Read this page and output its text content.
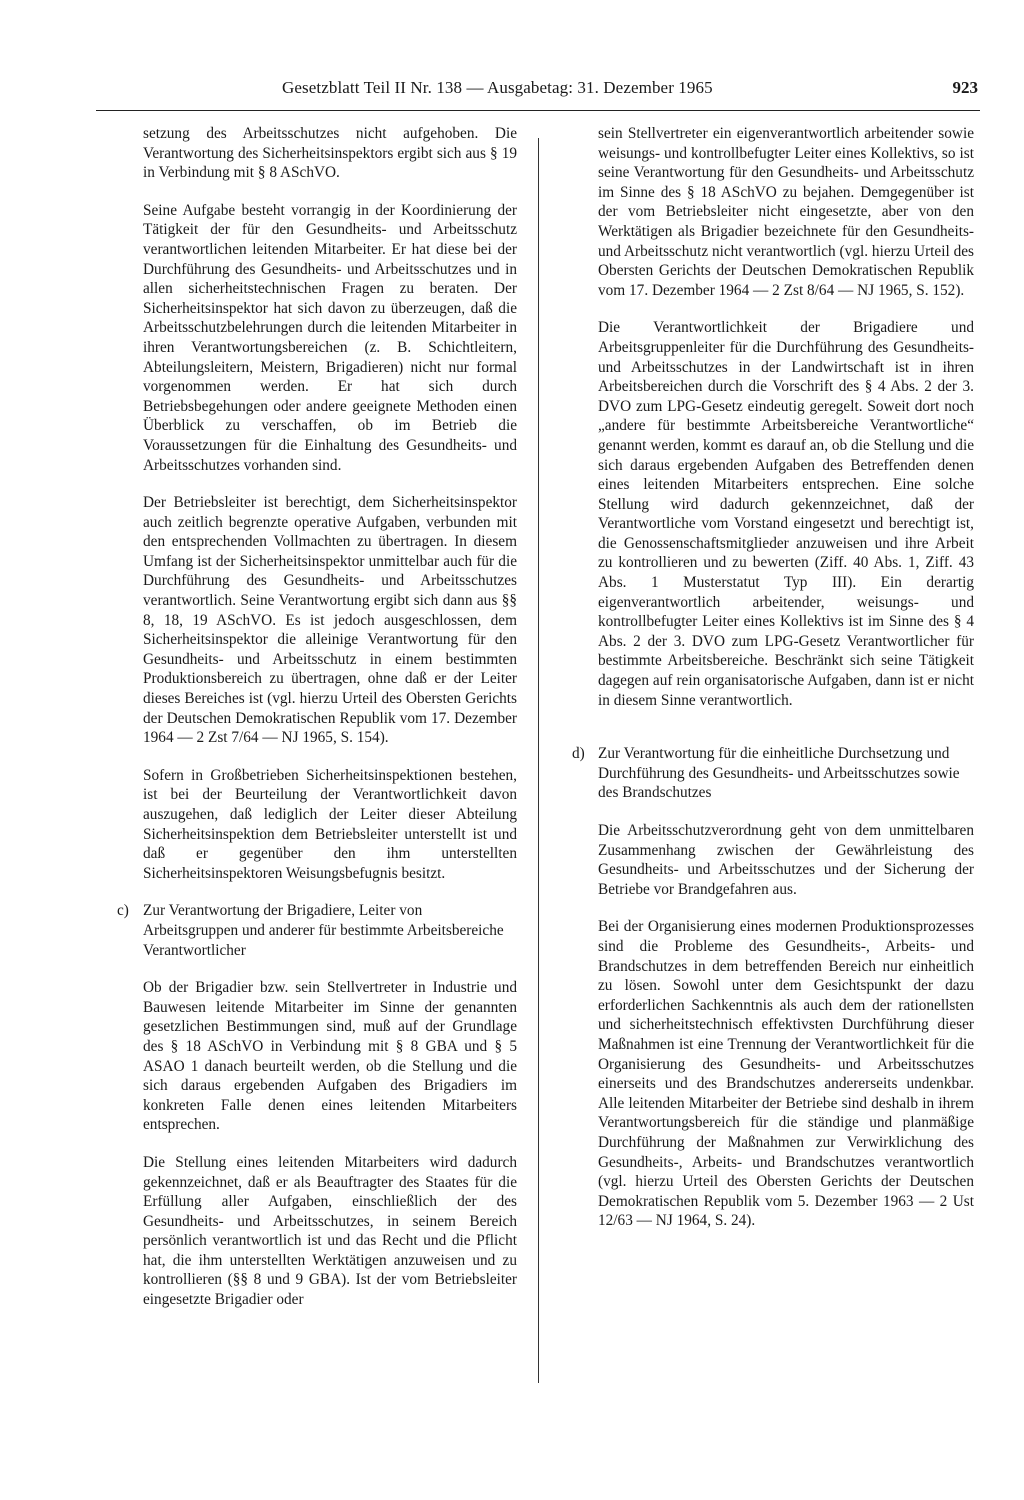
Gesetzblatt Teil II Nr. 138 — Ausgabetag: 31. Dezember 1965	923

setzung des Arbeitsschutzes nicht aufgehoben. Die Verantwortung des Sicherheitsinspektors ergibt sich aus § 19 in Verbindung mit § 8 ASchVO.

Seine Aufgabe besteht vorrangig in der Koordinierung der Tätigkeit der für den Gesundheits- und Arbeitsschutz verantwortlichen leitenden Mitarbeiter. Er hat diese bei der Durchführung des Gesundheits- und Arbeitsschutzes und in allen sicherheitstechnischen Fragen zu beraten. Der Sicherheitsinspektor hat sich davon zu überzeugen, daß die Arbeitsschutzbelehrungen durch die leitenden Mitarbeiter in ihren Verantwortungsbereichen (z. B. Schichtleitern, Abteilungsleitern, Meistern, Brigadieren) nicht nur formal vorgenommen werden. Er hat sich durch Betriebsbegehungen oder andere geeignete Methoden einen Überblick zu verschaffen, ob im Betrieb die Voraussetzungen für die Einhaltung des Gesundheits- und Arbeitsschutzes vorhanden sind.

Der Betriebsleiter ist berechtigt, dem Sicherheitsinspektor auch zeitlich begrenzte operative Aufgaben, verbunden mit den entsprechenden Vollmachten zu übertragen. In diesem Umfang ist der Sicherheitsinspektor unmittelbar auch für die Durchführung des Gesundheits- und Arbeitsschutzes verantwortlich. Seine Verantwortung ergibt sich dann aus §§ 8, 18, 19 ASchVO. Es ist jedoch ausgeschlossen, dem Sicherheitsinspektor die alleinige Verantwortung für den Gesundheits- und Arbeitsschutz in einem bestimmten Produktionsbereich zu übertragen, ohne daß er der Leiter dieses Bereiches ist (vgl. hierzu Urteil des Obersten Gerichts der Deutschen Demokratischen Republik vom 17. Dezember 1964 — 2 Zst 7/64 — NJ 1965, S. 154).

Sofern in Großbetrieben Sicherheitsinspektionen bestehen, ist bei der Beurteilung der Verantwortlichkeit davon auszugehen, daß lediglich der Leiter dieser Abteilung Sicherheitsinspektion dem Betriebsleiter unterstellt ist und daß er gegenüber den ihm unterstellten Sicherheitsinspektoren Weisungsbefugnis besitzt.

c) Zur Verantwortung der Brigadiere, Leiter von Arbeitsgruppen und anderer für bestimmte Arbeitsbereiche Verantwortlicher

Ob der Brigadier bzw. sein Stellvertreter in Industrie und Bauwesen leitende Mitarbeiter im Sinne der genannten gesetzlichen Bestimmungen sind, muß auf der Grundlage des § 18 ASchVO in Verbindung mit § 8 GBA und § 5 ASAO 1 danach beurteilt werden, ob die Stellung und die sich daraus ergebenden Aufgaben des Brigadiers im konkreten Falle denen eines leitenden Mitarbeiters entsprechen.

Die Stellung eines leitenden Mitarbeiters wird dadurch gekennzeichnet, daß er als Beauftragter des Staates für die Erfüllung aller Aufgaben, einschließlich der des Gesundheits- und Arbeitsschutzes, in seinem Bereich persönlich verantwortlich ist und das Recht und die Pflicht hat, die ihm unterstellten Werktätigen anzuweisen und zu kontrollieren (§§ 8 und 9 GBA). Ist der vom Betriebsleiter eingesetzte Brigadier oder

sein Stellvertreter ein eigenverantwortlich arbeitender sowie weisungs- und kontrollbefugter Leiter eines Kollektivs, so ist seine Verantwortung für den Gesundheits- und Arbeitsschutz im Sinne des § 18 ASchVO zu bejahen. Demgegenüber ist der vom Betriebsleiter nicht eingesetzte, aber von den Werktätigen als Brigadier bezeichnete für den Gesundheits- und Arbeitsschutz nicht verantwortlich (vgl. hierzu Urteil des Obersten Gerichts der Deutschen Demokratischen Republik vom 17. Dezember 1964 — 2 Zst 8/64 — NJ 1965, S. 152).

Die Verantwortlichkeit der Brigadiere und Arbeitsgruppenleiter für die Durchführung des Gesundheits- und Arbeitsschutzes in der Landwirtschaft ist in ihren Arbeitsbereichen durch die Vorschrift des § 4 Abs. 2 der 3. DVO zum LPG-Gesetz eindeutig geregelt. Soweit dort noch „andere für bestimmte Arbeitsbereiche Verantwortliche“ genannt werden, kommt es darauf an, ob die Stellung und die sich daraus ergebenden Aufgaben des Betreffenden denen eines leitenden Mitarbeiters entsprechen. Eine solche Stellung wird dadurch gekennzeichnet, daß der Verantwortliche vom Vorstand eingesetzt und berechtigt ist, die Genossenschaftsmitglieder anzuweisen und ihre Arbeit zu kontrollieren und zu bewerten (Ziff. 40 Abs. 1, Ziff. 43 Abs. 1 Musterstatut Typ III). Ein derartig eigenverantwortlich arbeitender, weisungs- und kontrollbefugter Leiter eines Kollektivs ist im Sinne des § 4 Abs. 2 der 3. DVO zum LPG-Gesetz Verantwortlicher für bestimmte Arbeitsbereiche. Beschränkt sich seine Tätigkeit dagegen auf rein organisatorische Aufgaben, dann ist er nicht in diesem Sinne verantwortlich.

d) Zur Verantwortung für die einheitliche Durchsetzung und Durchführung des Gesundheits- und Arbeitsschutzes sowie des Brandschutzes

Die Arbeitsschutzverordnung geht von dem unmittelbaren Zusammenhang zwischen der Gewährleistung des Gesundheits- und Arbeitsschutzes und der Sicherung der Betriebe vor Brandgefahren aus.

Bei der Organisierung eines modernen Produktionsprozesses sind die Probleme des Gesundheits-, Arbeits- und Brandschutzes in dem betreffenden Bereich nur einheitlich zu lösen. Sowohl unter dem Gesichtspunkt der dazu erforderlichen Sachkenntnis als auch dem der rationellsten und sicherheitstechnisch effektivsten Durchführung dieser Maßnahmen ist eine Trennung der Verantwortlichkeit für die Organisierung des Gesundheits- und Arbeitsschutzes einerseits und des Brandschutzes andererseits undenkbar. Alle leitenden Mitarbeiter der Betriebe sind deshalb in ihrem Verantwortungsbereich für die ständige und planmäßige Durchführung der Maßnahmen zur Verwirklichung des Gesundheits-, Arbeits- und Brandschutzes verantwortlich (vgl. hierzu Urteil des Obersten Gerichts der Deutschen Demokratischen Republik vom 5. Dezember 1963 — 2 Ust 12/63 — NJ 1964, S. 24).
